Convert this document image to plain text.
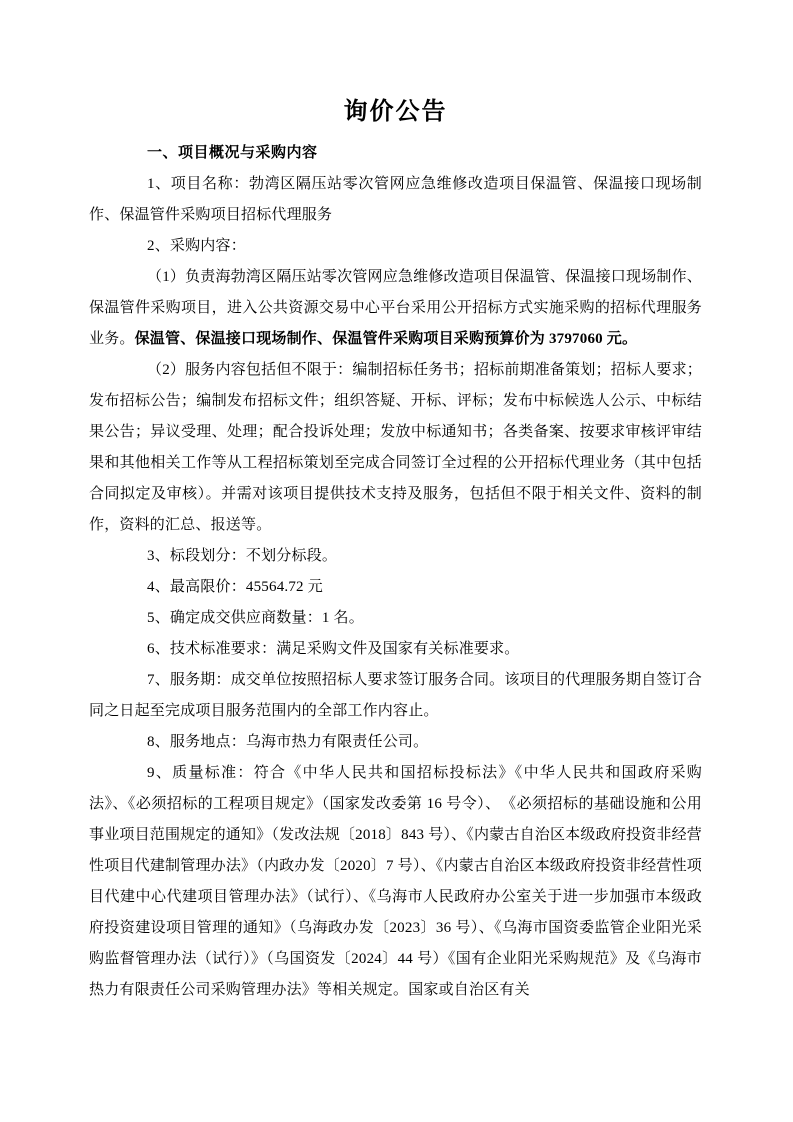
询价公告
一、项目概况与采购内容

1、项目名称：勃湾区隔压站零次管网应急维修改造项目保温管、保温接口现场制作、保温管件采购项目招标代理服务

2、采购内容：

（1）负责海勃湾区隔压站零次管网应急维修改造项目保温管、保温接口现场制作、保温管件采购项目，进入公共资源交易中心平台采用公开招标方式实施采购的招标代理服务业务。保温管、保温接口现场制作、保温管件采购项目采购预算价为 3797060 元。

（2）服务内容包括但不限于：编制招标任务书；招标前期准备策划；招标人要求；发布招标公告；编制发布招标文件；组织答疑、开标、评标；发布中标候选人公示、中标结果公告；异议受理、处理；配合投诉处理；发放中标通知书；各类备案、按要求审核评审结果和其他相关工作等从工程招标策划至完成合同签订全过程的公开招标代理业务（其中包括合同拟定及审核）。并需对该项目提供技术支持及服务，包括但不限于相关文件、资料的制作，资料的汇总、报送等。

3、标段划分：不划分标段。

4、最高限价：45564.72 元

5、确定成交供应商数量：1 名。

6、技术标准要求：满足采购文件及国家有关标准要求。

7、服务期：成交单位按照招标人要求签订服务合同。该项目的代理服务期自签订合同之日起至完成项目服务范围内的全部工作内容止。

8、服务地点：乌海市热力有限责任公司。

9、质量标准：符合《中华人民共和国招标投标法》《中华人民共和国政府采购法》、《必须招标的工程项目规定》（国家发改委第 16 号令）、　《必须招标的基础设施和公用事业项目范围规定的通知》（发改法规〔2018〕843 号）、《内蒙古自治区本级政府投资非经营性项目代建制管理办法》（内政办发〔2020〕7 号）、《内蒙古自治区本级政府投资非经营性项目代建中心代建项目管理办法》（试行）、《乌海市人民政府办公室关于进一步加强市本级政府投资建设项目管理的通知》（乌海政办发〔2023〕36 号）、《乌海市国资委监管企业阳光采购监督管理办法（试行）》（乌国资发〔2024〕44 号）《国有企业阳光采购规范》及《乌海市热力有限责任公司采购管理办法》等相关规定。国家或自治区有关
